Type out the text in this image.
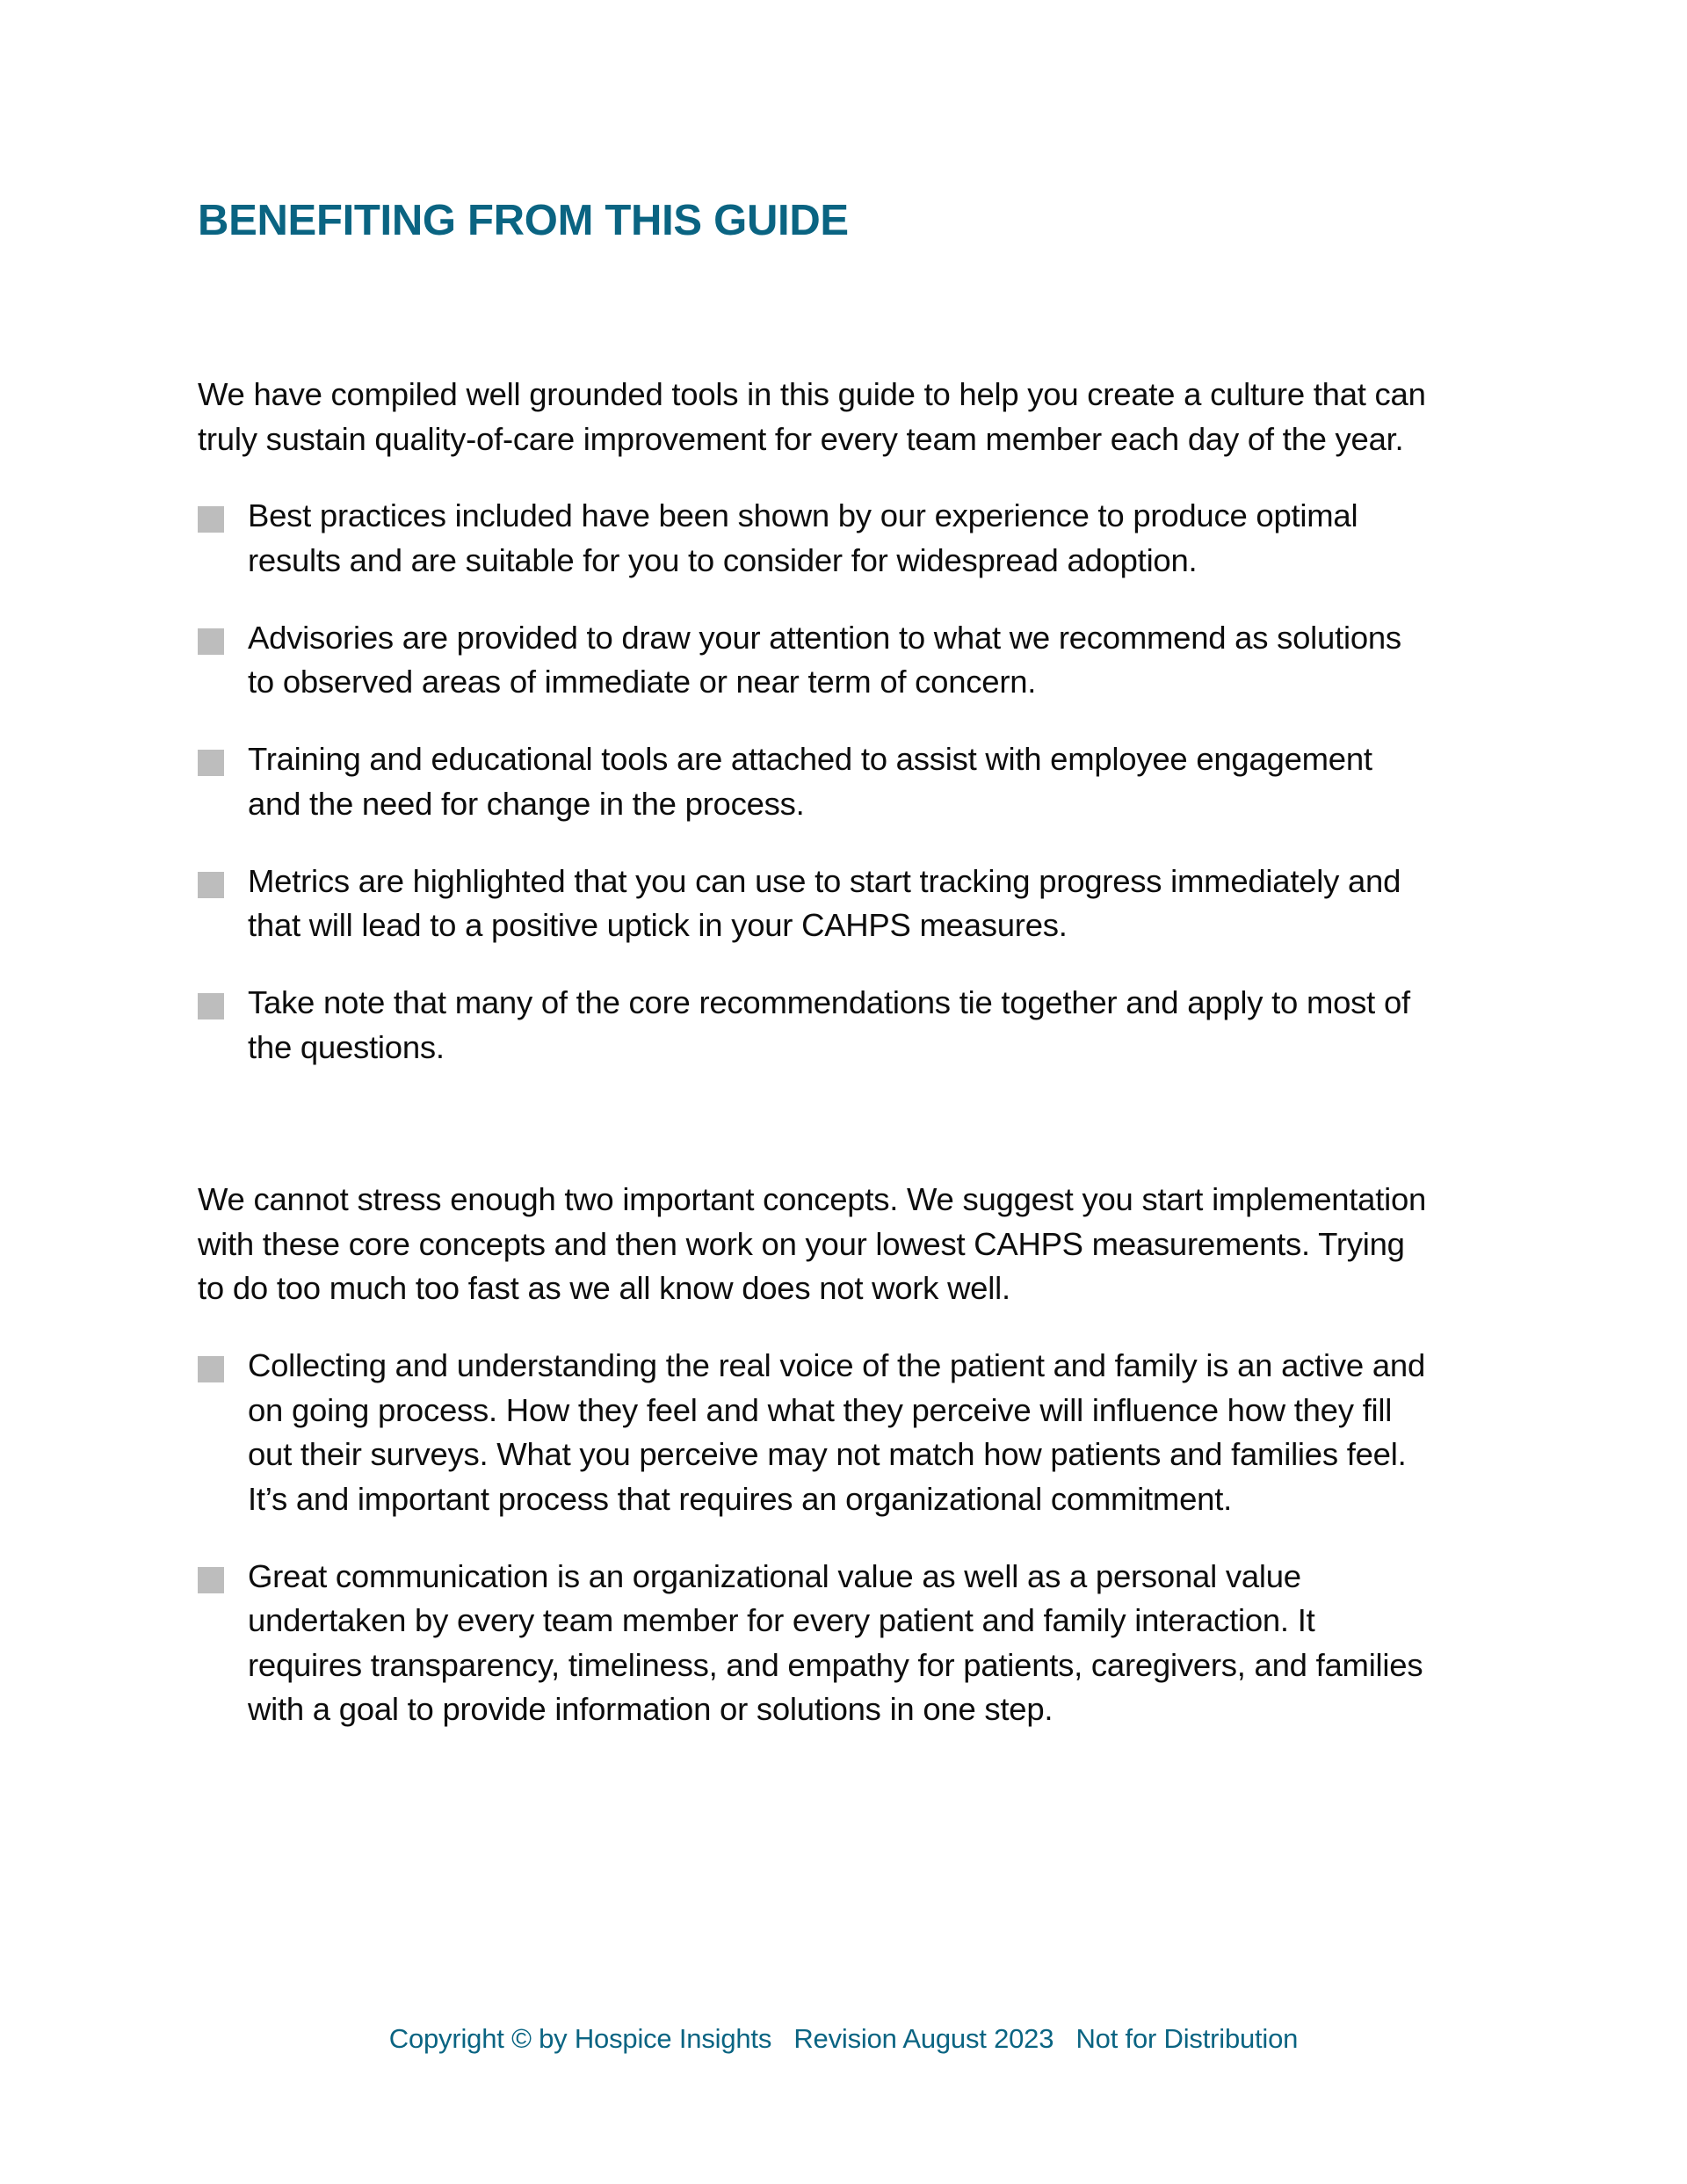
BENEFITING FROM THIS GUIDE

We have compiled well grounded tools in this guide to help you create a culture that can
truly sustain quality-of-care improvement for every team member each day of the year.

Best practices included have been shown by our experience to produce optimal
results and are suitable for you to consider for widespread adoption.
Advisories are provided to draw your attention to what we recommend as solutions
to observed areas of immediate or near term of concern.
Training and educational tools are attached to assist with employee engagement
and the need for change in the process.
Metrics are highlighted that you can use to start tracking progress immediately and
that will lead to a positive uptick in your CAHPS measures.
Take note that many of the core recommendations tie together and apply to most of
the questions.

We cannot stress enough two important concepts. We suggest you start implementation
with these core concepts and then work on your lowest CAHPS measurements. Trying
to do too much too fast as we all know does not work well.

Collecting and understanding the real voice of the patient and family is an active and
on going process. How they feel and what they perceive will influence how they fill
out their surveys. What you perceive may not match how patients and families feel.
It’s and important process that requires an organizational commitment.
Great communication is an organizational value as well as a personal value
undertaken by every team member for every patient and family interaction. It
requires transparency, timeliness, and empathy for patients, caregivers, and families
with a goal to provide information or solutions in one step.
Copyright © by Hospice Insights Revision August 2023 Not for Distribution
